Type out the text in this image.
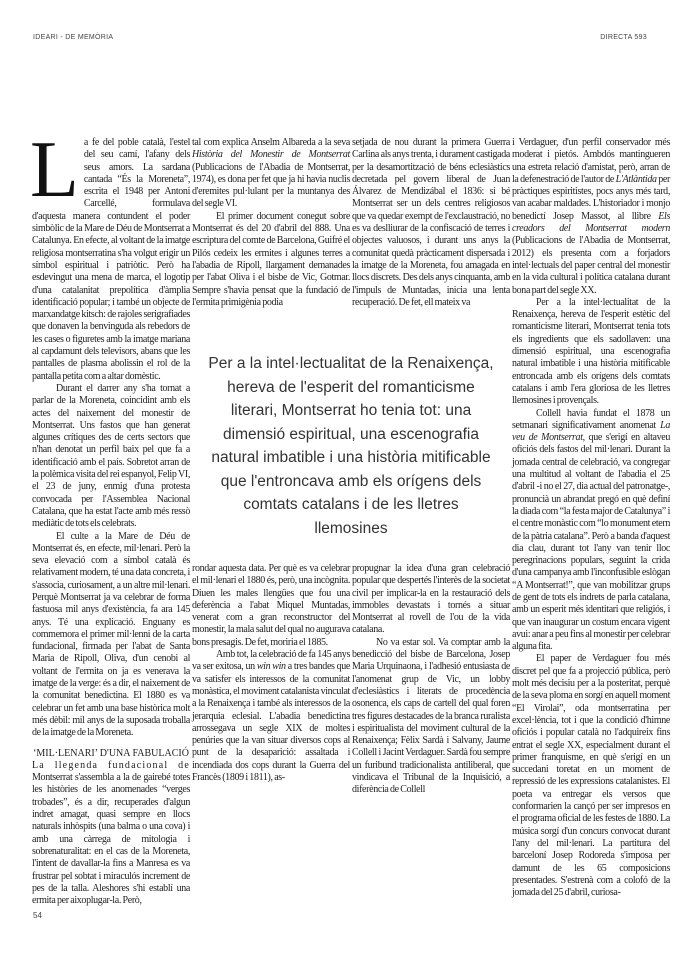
IDEARI - DE MEMÒRIA	DIRECTA 593
L a fe del poble català, l'estel del seu camí, l'afany dels seus amors. La sardana cantada “És la Moreneta”, escrita el 1948 per Antoni Carcellé, formulava d'aquesta manera contundent el poder simbòlic de la Mare de Déu de Montserrat a Catalunya. En efecte, al voltant de la imatge religiosa montserratina s'ha volgut erigir un símbol espiritual i patriòtic. Però ha esdevingut una mena de marca, el logotip d'una catalanitat prepolítica d'àmplia identificació popular; i també un objecte de marxandatge kitsch: de rajoles serigrafiades que donaven la benvinguda als rebedors de les cases o figuretes amb la imatge mariana al capdamunt dels televisors, abans que les pantalles de plasma abolissin el rol de la pantalla petita com a altar domèstic.

Durant el darrer any s'ha tornat a parlar de la Moreneta, coincidint amb els actes del naixement del monestir de Montserrat. Uns fastos que han generat algunes crítiques des de certs sectors que n'han denotat un perfil baix pel que fa a identificació amb el país. Sobretot arran de la polèmica visita del rei espanyol, Felip VI, el 23 de juny, enmig d'una protesta convocada per l'Assemblea Nacional Catalana, que ha estat l'acte amb més ressò mediàtic de tots els celebrats.

El culte a la Mare de Déu de Montserrat és, en efecte, mil·lenari. Però la seva elevació com a símbol català és relativament modern, té una data concreta, i s'associa, curiosament, a un altre mil·lenari. Perquè Montserrat ja va celebrar de forma fastuosa mil anys d'existència, fa ara 145 anys. Té una explicació. Enguany es commemora el primer mil·lenni de la carta fundacional, firmada per l'abat de Santa Maria de Ripoll, Oliva, d'un cenobi al voltant de l'ermita on ja es venerava la imatge de la verge: és a dir, el naixement de la comunitat benedictina. El 1880 es va celebrar un fet amb una base històrica molt més dèbil: mil anys de la suposada troballa de la imatge de la Moreneta.

‘MIL·LENARI’ D'UNA FABULACIÓ

La llegenda fundacional de Montserrat s'assembla a la de gairebé totes les històries de les anomenades “verges trobades”, és a dir, recuperades d'algun indret amagat, quasi sempre en llocs naturals inhòspits (una balma o una cova) i amb una càrrega de mitologia i sobrenaturalitat: en el cas de la Moreneta, l'intent de davallar-la fins a Manresa es va frustrar pel sobtat i miraculós increment de pes de la talla. Aleshores s'hi establí una ermita per aixoplugar-la. Però,

tal com explica Anselm Albareda a la seva Història del Monestir de Montserrat (Publicacions de l'Abadia de Montserrat, 1974), es dona per fet que ja hi havia nuclis d'eremites pul·lulant per la muntanya des del segle VI.

El primer document conegut sobre Montserrat és del 20 d'abril del 888. Una escriptura del comte de Barcelona, Guifré el Pilós cedeix les ermites i algunes terres a l'abadia de Ripoll, llargament demanades per l'abat Oliva i el bisbe de Vic, Gotmar. Sempre s'havia pensat que la fundació de l'ermita primigènia podia

setjada de nou durant la primera Guerra Carlina als anys trenta, i durament castigada per la desamortització de béns eclesiàstics decretada pel govern liberal de Juan Álvarez de Mendizábal el 1836: si bé Montserrat ser un dels centres religiosos que va quedar exempt de l'exclaustració, no es va deslliurar de la confiscació de terres i objectes valuosos, i durant uns anys la comunitat quedà pràcticament dispersada i la imatge de la Moreneta, fou amagada en llocs discrets. Des dels anys cinquanta, amb l'impuls de Muntadas, inicia una lenta recuperació. De fet, ell mateix va

Per a la intel·lectualitat de la Renaixença, hereva de l'esperit del romanticisme literari, Montserrat ho tenia tot: una dimensió espiritual, una escenografia natural imbatible i una història mitificable que l'entroncava amb els orígens dels comtats catalans i de les lletres llemosines

rondar aquesta data. Per què es va celebrar el mil·lenari el 1880 és, però, una incògnita. Diuen les males llengües que fou una deferència a l'abat Miquel Muntadas, venerat com a gran reconstructor del monestir, la mala salut del qual no augurava bons presagis. De fet, moriria el 1885.

Amb tot, la celebració de fa 145 anys va ser exitosa, un win win a tres bandes que va satisfer els interessos de la comunitat monàstica, el moviment catalanista vinculat a la Renaixença i també als interessos de la jerarquia eclesial. L'abadia benedictina arrossegava un segle XIX de moltes penúries que la van situar diversos cops al punt de la desaparició: assaltada i incendiada dos cops durant la Guerra del Francès (1809 i 1811), as-

propugnar la idea d'una gran celebració popular que despertés l'interès de la societat civil per implicar-la en la restauració dels immobles devastats i tornés a situar Montserrat al rovell de l'ou de la vida catalana.

No va estar sol. Va comptar amb la benedicció del bisbe de Barcelona, Josep Maria Urquinaona, i l'adhesió entusiasta de l'anomenat grup de Vic, un lobby d'eclesiàstics i literats de procedència osonenca, els caps de cartell del qual foren tres figures destacades de la branca ruralista i espiritualista del moviment cultural de la Renaixença; Fèlix Sardà i Salvany, Jaume Collell i Jacint Verdaguer. Sardà fou sempre un furibund tradicionalista antiliberal, que vindicava el Tribunal de la Inquisició, a diferència de Collell

i Verdaguer, d'un perfil conservador més moderat i pietós. Ambdós mantingueren una estreta relació d'amistat, però, arran de la defenestració de l'autor de L'Atlàntida per pràctiques espiritistes, pocs anys més tard, van acabar maldades. L'historiador i monjo benedictí Josep Massot, al llibre Els creadors del Montserrat modern (Publicacions de l'Abadia de Montserrat, 2012) els presenta com a forjadors intel·lectuals del paper central del monestir en la vida cultural i política catalana durant bona part del segle XX.

Per a la intel·lectualitat de la Renaixença, hereva de l'esperit estètic del romanticisme literari, Montserrat tenia tots els ingredients que els sadollaven: una dimensió espiritual, una escenografia natural imbatible i una història mitificable entroncada amb els orígens dels comtats catalans i amb l'era gloriosa de les lletres llemosines i provençals.

Collell havia fundat el 1878 un setmanari significativament anomenat La veu de Montserrat, que s'erigí en altaveu oficiós dels fastos del mil·lenari. Durant la jornada central de celebració, va congregar una multitud al voltant de l'abadia el 25 d'abril -i no el 27, dia actual del patronatge-, pronuncià un abrandat pregó en què definí la diada com “la festa major de Catalunya” i el centre monàstic com “lo monument etern de la pàtria catalana”. Però a banda d'aquest dia clau, durant tot l'any van tenir lloc peregrinacions populars, seguint la crida d'una campanya amb l'inconfusible eslògan “A Montserrat!”, que van mobilitzar grups de gent de tots els indrets de parla catalana, amb un esperit més identitari que religiós, i que van inaugurar un costum encara vigent avui: anar a peu fins al monestir per celebrar alguna fita.

El paper de Verdaguer fou més discret pel que fa a projecció pública, però molt més decisiu per a la posteritat, perquè de la seva ploma en sorgí en aquell moment “El Virolai”, oda montserratina per excel·lència, tot i que la condició d'himne oficiós i popular català no l'adquireix fins entrat el segle XX, especialment durant el primer franquisme, en què s'erigí en un succedani toretat en un moment de repressió de les expressions catalanistes. El poeta va entregar els versos que conformarien la cançó per ser impresos en el programa oficial de les festes de 1880. La música sorgí d'un concurs convocat durant l'any del mil·lenari. La partitura del barceloní Josep Rodoreda s'imposa per damunt de les 65 composicions presentades. S'estrenà com a colofó de la jornada del 25 d'abril, curiosa-

54
